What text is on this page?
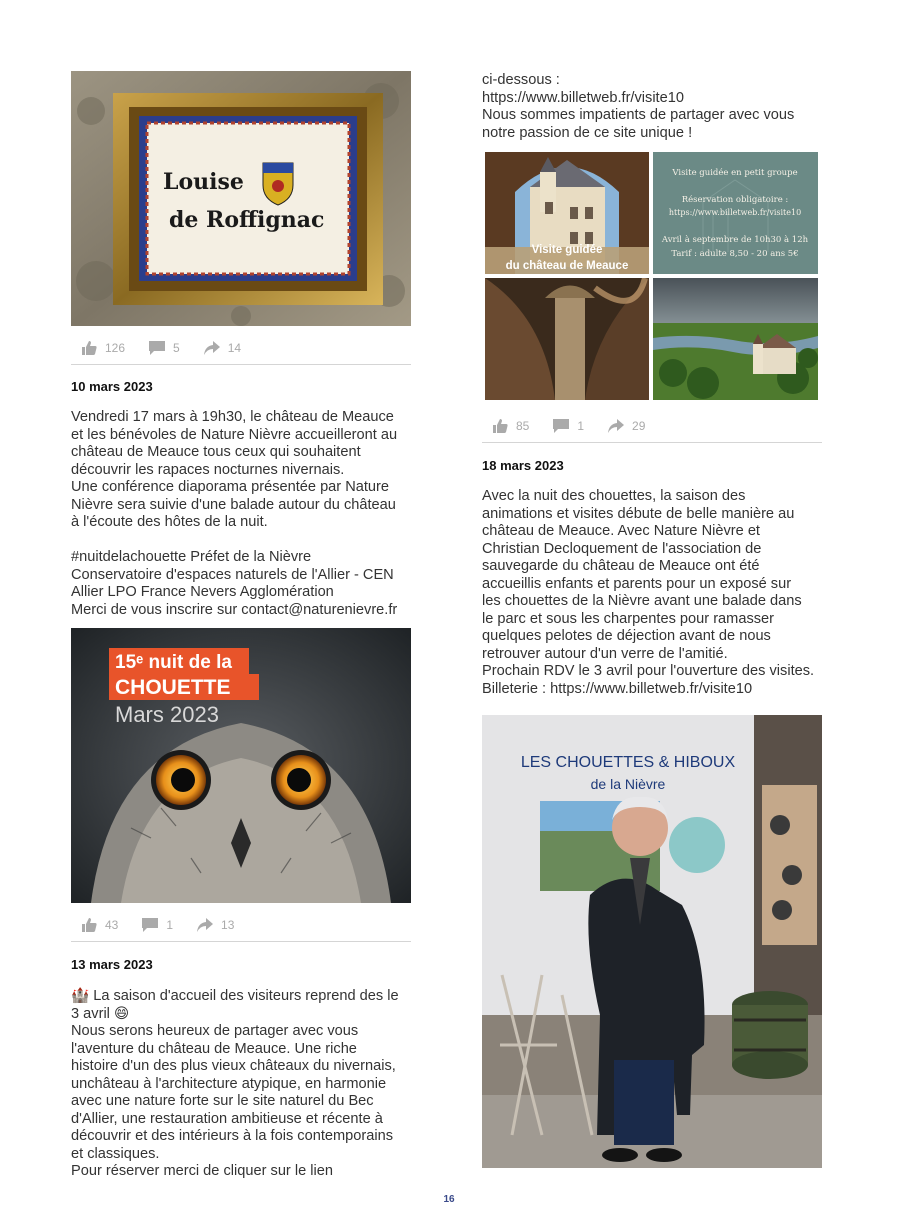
Louise
de Roffignac
126	5	14
10 mars 2023
Vendredi 17 mars à 19h30, le château de Meauce
et les bénévoles de Nature Nièvre accueilleront au
château de Meauce tous ceux qui souhaitent
découvrir les rapaces nocturnes nivernais.
Une conférence diaporama présentée par Nature
Nièvre sera suivie d'une balade autour du château
à l'écoute des hôtes de la nuit.

#nuitdelachouette Préfet de la Nièvre
Conservatoire d'espaces naturels de l'Allier - CEN
Allier LPO France Nevers Agglomération
Merci de vous inscrire sur contact@naturenievre.fr
15ᵉ nuit de la
CHOUETTE
Mars 2023
43	1	13
13 mars 2023
🏰 La saison d'accueil des visiteurs reprend des le
3 avril 😄
Nous serons heureux de partager avec vous
l'aventure du château de Meauce. Une riche
histoire d'un des plus vieux châteaux du nivernais,
unchâteau à l'architecture atypique, en harmonie
avec une nature forte sur le site naturel du Bec
d'Allier, une restauration ambitieuse et récente à
découvrir et des intérieurs à la fois contemporains
et classiques.
Pour réserver merci de cliquer sur le lien
ci-dessous :
https://www.billetweb.fr/visite10
Nous sommes impatients de partager avec vous
notre passion de ce site unique !
Visite guidée
du château de Meauce
Visite guidée en petit groupe
Réservation obligatoire :
https://www.billetweb.fr/visite10
Avril à septembre de 10h30 à 12h
Tarif : adulte 8,50 - 20 ans 5€
85	1	29
18 mars 2023
Avec la nuit des chouettes, la saison des
animations et visites débute de belle manière au
château de Meauce. Avec Nature Nièvre et
Christian Decloquement de l'association de
sauvegarde du château de Meauce ont été
accueillis enfants et parents pour un exposé sur
les chouettes de la Nièvre avant une balade dans
le parc et sous les charpentes pour ramasser
quelques pelotes de déjection avant de nous
retrouver autour d'un verre de l'amitié.
Prochain RDV le 3 avril pour l'ouverture des visites.
Billeterie : https://www.billetweb.fr/visite10
LES CHOUETTES & HIBOUX
de la Nièvre
16
